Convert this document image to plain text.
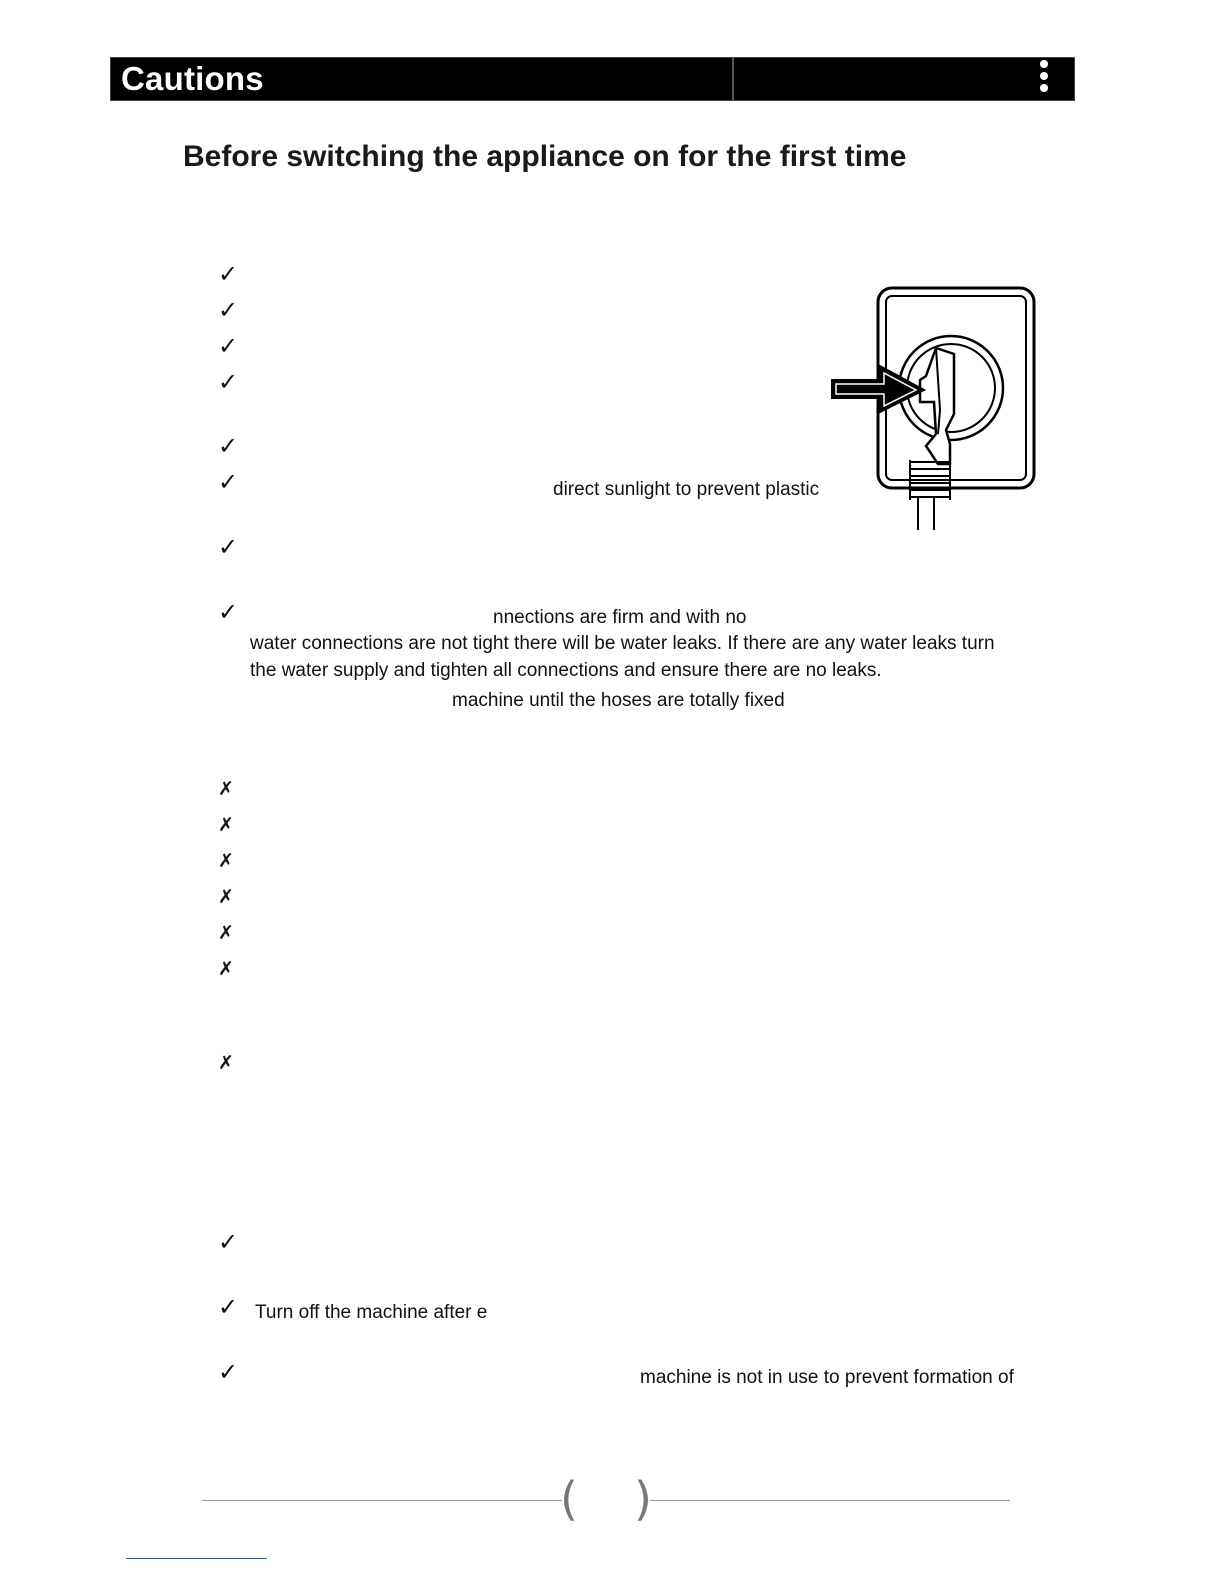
Cautions
Before switching the appliance on for the first time
✓
✓
✓
✓
✓
✓	direct sunlight to prevent plastic
✓
✓	nnections are firm and with no
water connections are not tight there will be water leaks. If there are any water leaks turn
the water supply and tighten all connections and ensure there are no leaks.
machine until the hoses are totally fixed
✗
✗
✗
✗
✗
✗
✗
✓
✓ Turn off the machine after e
✓	machine is not in use to prevent formation of
( )
